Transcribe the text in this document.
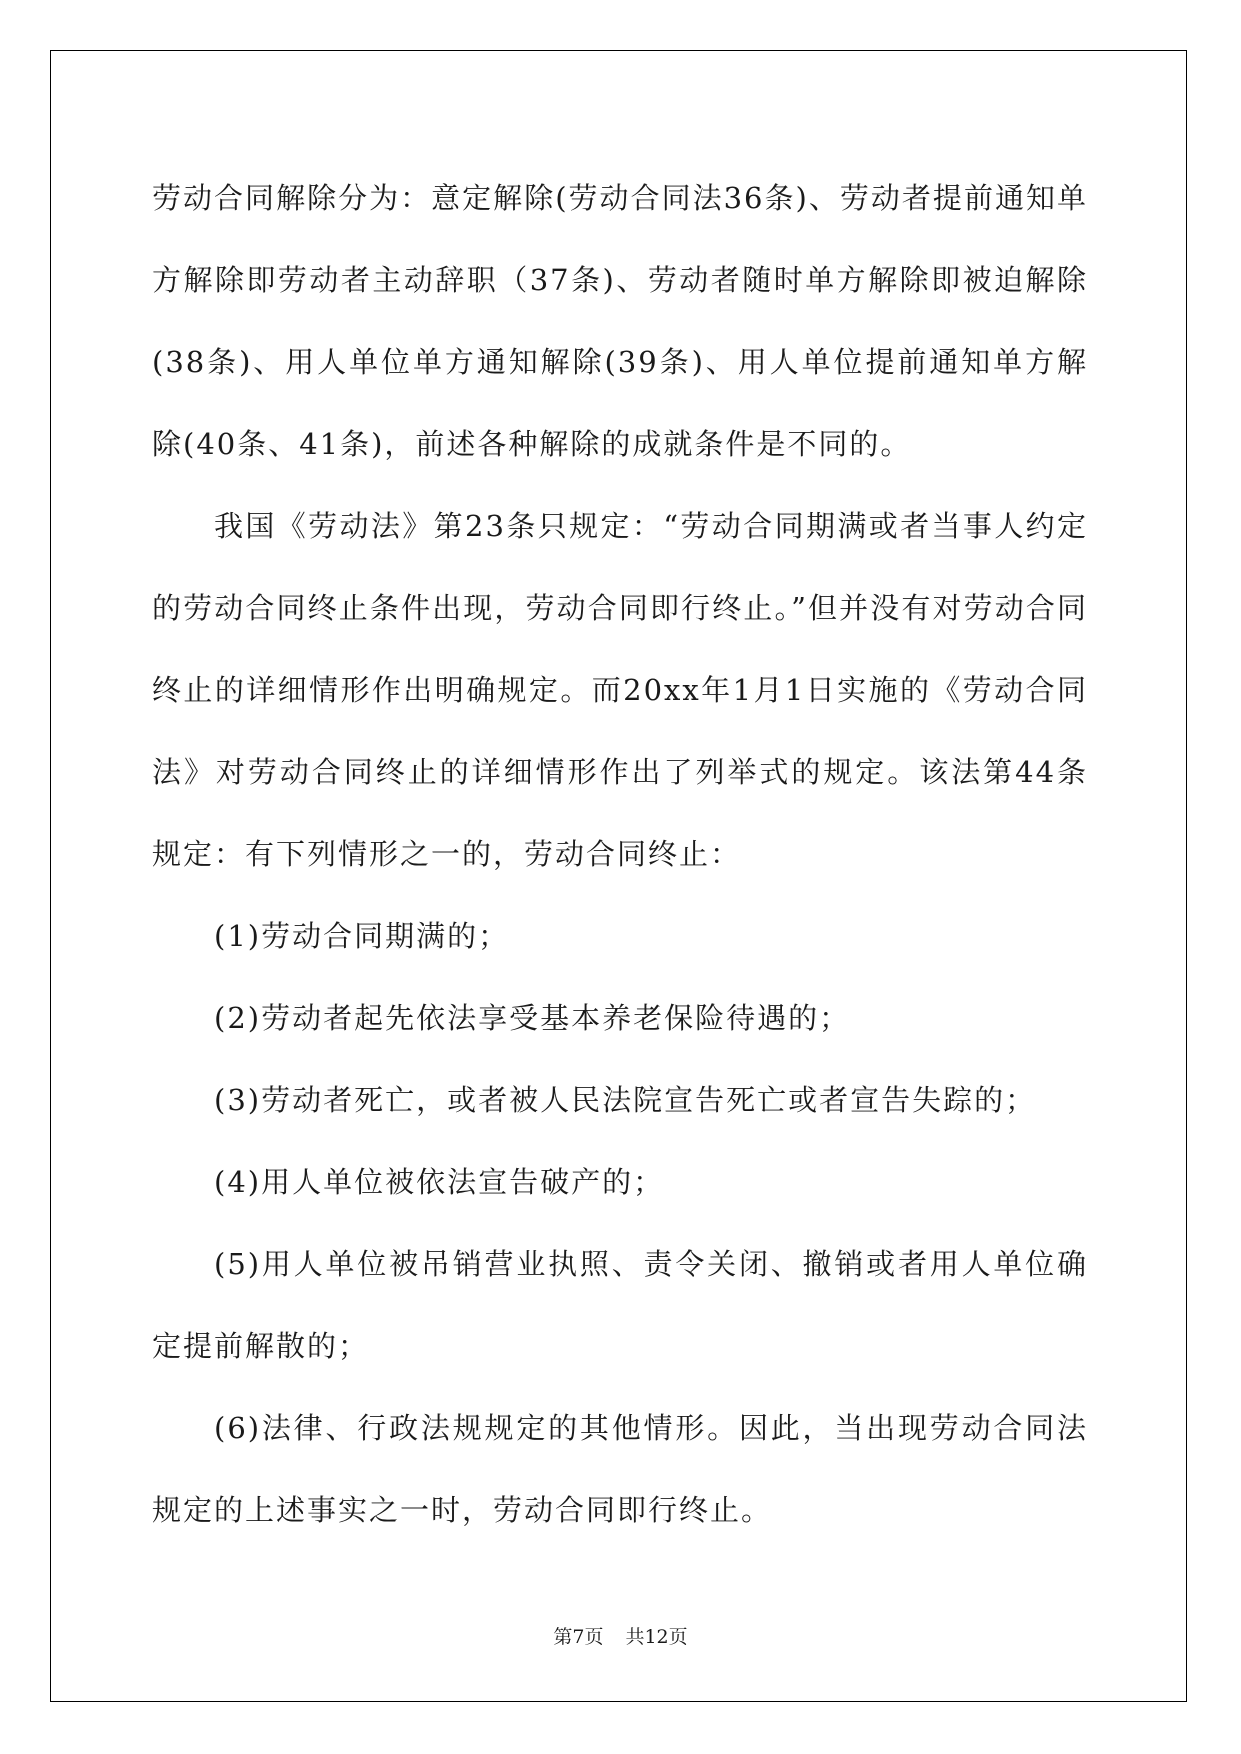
劳动合同解除分为：意定解除(劳动合同法36条)、劳动者提前通知单方解除即劳动者主动辞职（37条)、劳动者随时单方解除即被迫解除(38条)、用人单位单方通知解除(39条)、用人单位提前通知单方解除(40条、41条)，前述各种解除的成就条件是不同的。

我国《劳动法》第23条只规定：“劳动合同期满或者当事人约定的劳动合同终止条件出现，劳动合同即行终止。”但并没有对劳动合同终止的详细情形作出明确规定。而20xx年1月1日实施的《劳动合同法》对劳动合同终止的详细情形作出了列举式的规定。该法第44条规定：有下列情形之一的，劳动合同终止：

(1)劳动合同期满的；

(2)劳动者起先依法享受基本养老保险待遇的；

(3)劳动者死亡，或者被人民法院宣告死亡或者宣告失踪的；

(4)用人单位被依法宣告破产的；

(5)用人单位被吊销营业执照、责令关闭、撤销或者用人单位确定提前解散的；

(6)法律、行政法规规定的其他情形。因此，当出现劳动合同法规定的上述事实之一时，劳动合同即行终止。

第7页 共12页
